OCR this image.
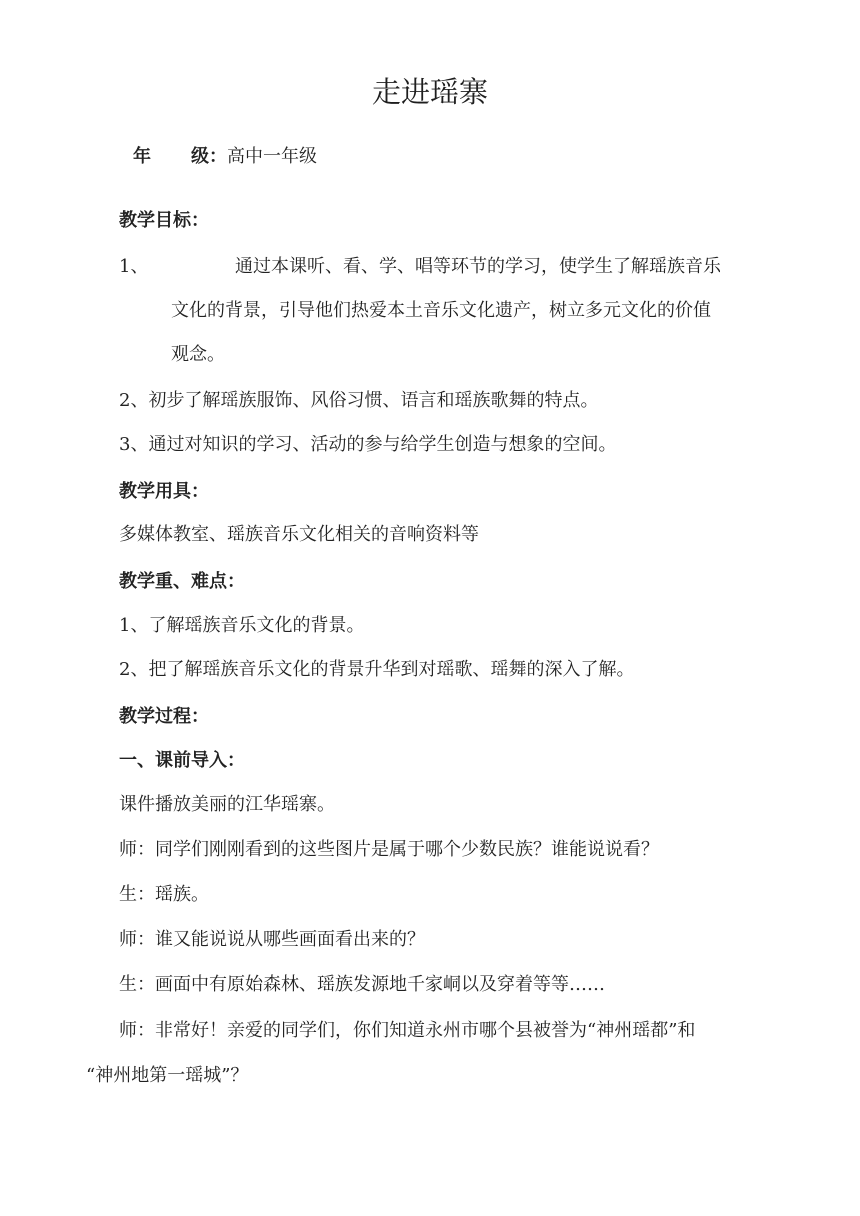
走进瑶寨
年 级：高中一年级
教学目标：
1、	通过本课听、看、学、唱等环节的学习，使学生了解瑶族音乐
文化的背景，引导他们热爱本土音乐文化遗产，树立多元文化的价值
观念。
2、初步了解瑶族服饰、风俗习惯、语言和瑶族歌舞的特点。
3、通过对知识的学习、活动的参与给学生创造与想象的空间。
教学用具：
多媒体教室、瑶族音乐文化相关的音响资料等
教学重、难点：
1、了解瑶族音乐文化的背景。
2、把了解瑶族音乐文化的背景升华到对瑶歌、瑶舞的深入了解。
教学过程：
一、课前导入：
课件播放美丽的江华瑶寨。
师：同学们刚刚看到的这些图片是属于哪个少数民族？谁能说说看？
生：瑶族。
师：谁又能说说从哪些画面看出来的？
生：画面中有原始森林、瑶族发源地千家峒以及穿着等等……
师：非常好！亲爱的同学们，你们知道永州市哪个县被誉为“神州瑶都”和
“神州地第一瑶城”？
